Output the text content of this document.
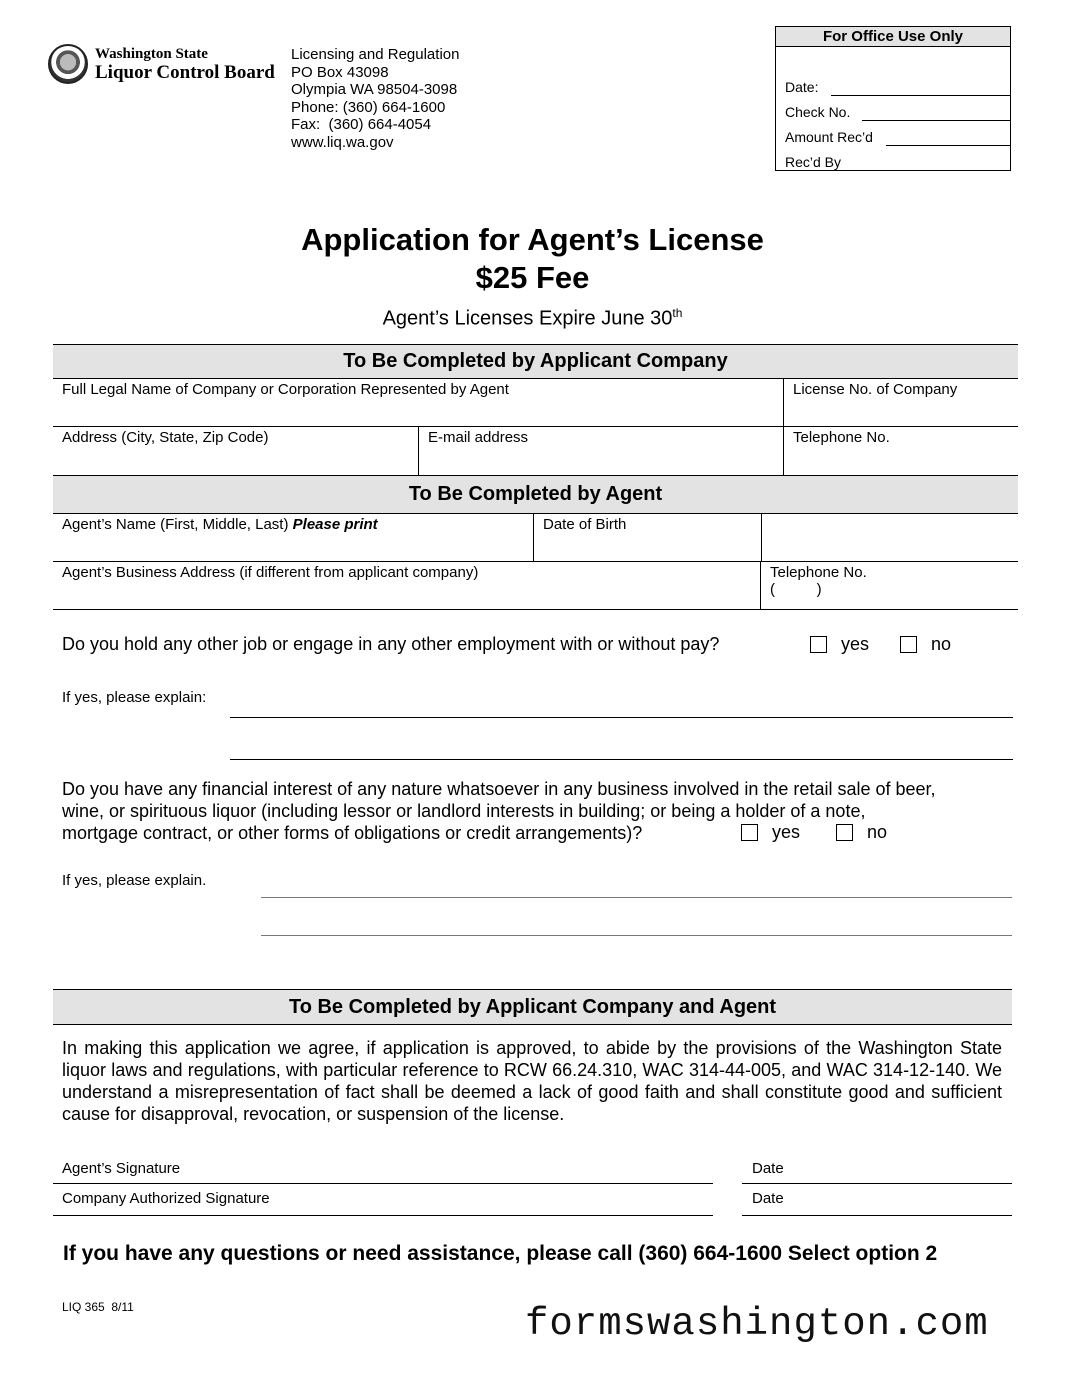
Washington State
Liquor Control Board
Licensing and Regulation
PO Box 43098
Olympia WA 98504-3098
Phone: (360) 664-1600
Fax:  (360) 664-4054
www.liq.wa.gov
For Office Use Only
Date:
Check No.
Amount Rec’d
Rec’d By
Application for Agent’s License
$25 Fee
Agent’s Licenses Expire June 30th
To Be Completed by Applicant Company
Full Legal Name of Company or Corporation Represented by Agent	License No. of Company
Address (City, State, Zip Code)	E-mail address	Telephone No.
To Be Completed by Agent
Agent’s Name (First, Middle, Last) Please print	Date of Birth
Agent’s Business Address (if different from applicant company)	Telephone No.
(          )
Do you hold any other job or engage in any other employment with or without pay?	yes	no
If yes, please explain:
Do you have any financial interest of any nature whatsoever in any business involved in the retail sale of beer,
wine, or spirituous liquor (including lessor or landlord interests in building; or being a holder of a note,
mortgage contract, or other forms of obligations or credit arrangements)?	yes	no
If yes, please explain.
To Be Completed by Applicant Company and Agent
In making this application we agree, if application is approved, to abide by the provisions of the Washington State liquor laws and regulations, with particular reference to RCW 66.24.310, WAC 314-44-005, and WAC 314-12-140. We understand a misrepresentation of fact shall be deemed a lack of good faith and shall constitute good and sufficient cause for disapproval, revocation, or suspension of the license.
Agent’s Signature	Date
Company Authorized Signature	Date
If you have any questions or need assistance, please call (360) 664-1600 Select option 2
LIQ 365  8/11	formswashington.com
